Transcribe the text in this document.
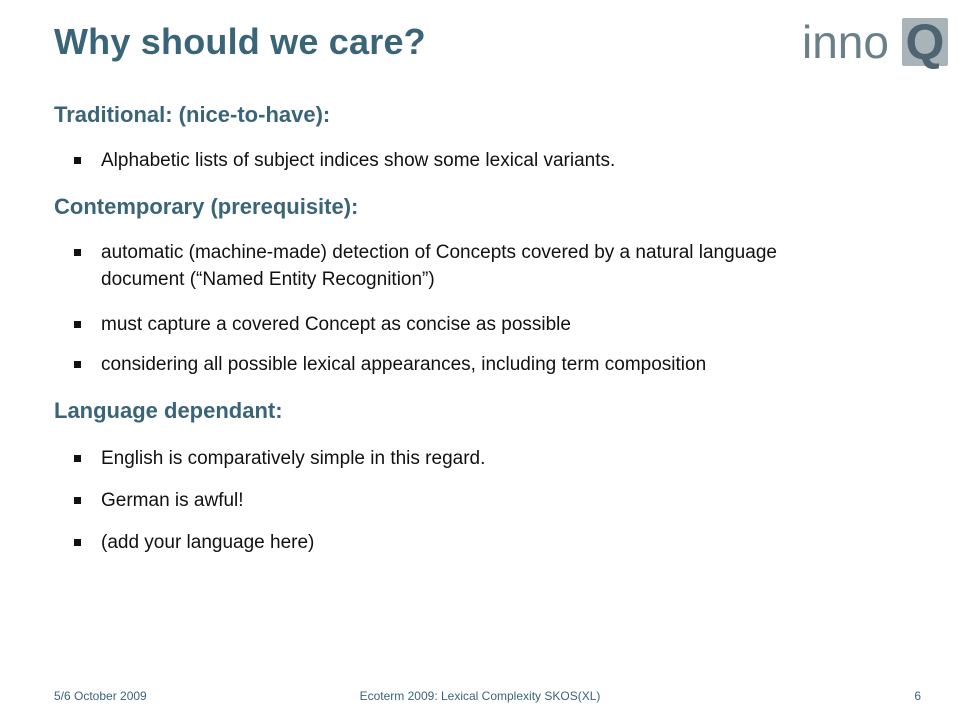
Why should we care?	inno Q
Traditional: (nice-to-have):
Alphabetic lists of subject indices show some lexical variants.
Contemporary (prerequisite):
automatic (machine-made) detection of Concepts covered by a natural language document (“Named Entity Recognition”)
must capture a covered Concept as concise as possible
considering all possible lexical appearances, including term composition
Language dependant:
English is comparatively simple in this regard.
German is awful!
(add your language here)
5/6 October 2009	Ecoterm 2009: Lexical Complexity SKOS(XL)	6
